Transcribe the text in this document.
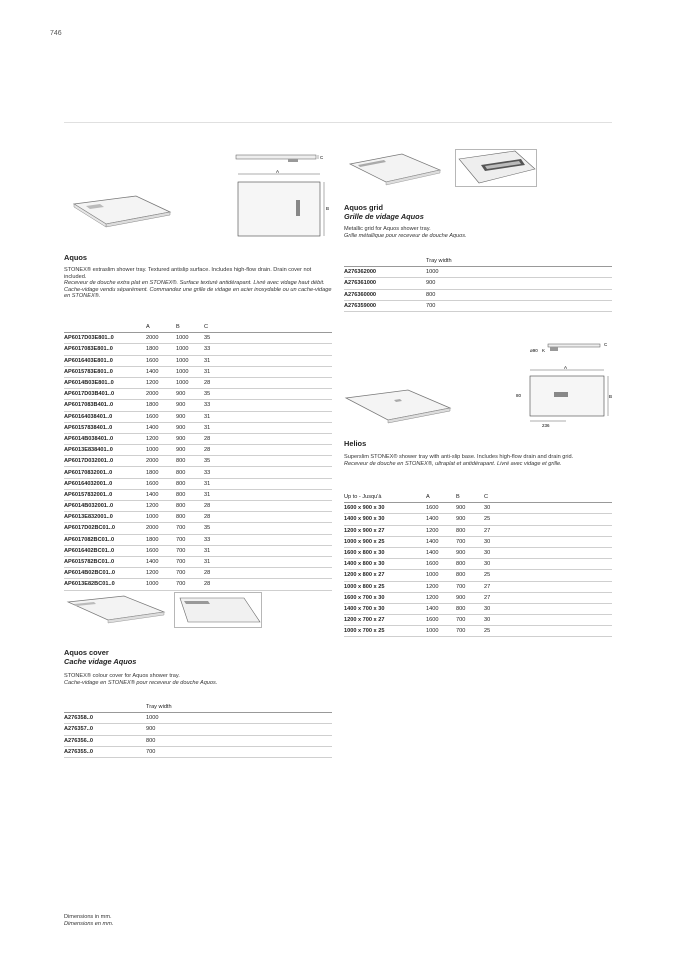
746
C
A
B
Aquos
STONEX® extraslim shower tray. Textured antislip surface. Includes high-flow drain. Drain cover not included.
Receveur de douche extra plat en STONEX®. Surface texturé antidérapant. Livré avec vidage haut débit. Cache-vidage vendu séparément. Commandez une grille de vidage en acier inoxydable ou un cache-vidage en STONEX®.
	A	B	C
AP6017D03E801..0	2000	1000	35
AP6017083E801..0	1800	1000	33
AP6016403E801..0	1600	1000	31
AP6015783E801..0	1400	1000	31
AP6014B03E801..0	1200	1000	28
AP6017D03B401..0	2000	900	35
AP6017083B401..0	1800	900	33
AP60164038401..0	1600	900	31
AP60157838401..0	1400	900	31
AP6014B038401..0	1200	900	28
AP6013E838401..0	1000	900	28
AP6017D032001..0	2000	800	35
AP60170832001..0	1800	800	33
AP60164032001..0	1600	800	31
AP60157832001..0	1400	800	31
AP6014B032001..0	1200	800	28
AP6013E832001..0	1000	800	28
AP6017D02BC01..0	2000	700	35
AP6017082BC01..0	1800	700	33
AP6016402BC01..0	1600	700	31
AP6015782BC01..0	1400	700	31
AP6014B02BC01..0	1200	700	28
AP6013E82BC01..0	1000	700	28
Aquos cover
Cache vidage Aquos
STONEX® colour cover for Aquos shower tray.
Cache-vidage en STONEX® pour receveur de douche Aquos.
	Tray width
A276358..0	1000
A276357..0	900
A276356..0	800
A276355..0	700
Aquos grid
Grille de vidage Aquos
Metallic grid for Aquos shower tray.
Grille métallique pour receveur de douche Aquos.
	Tray width
A276362000	1000
A276361000	900
A276360000	800
A276359000	700
ø90 K
C
A
B
80
236
Helios
Superslim STONEX® shower tray with anti-slip base. Includes high-flow drain and drain grid.
Receveur de douche en STONEX®, ultraplat et antidérapant. Livré avec vidage et grille.
Up to - Jusqu'à	A	B	C
1600 x 900 x 30	1600	900	30
1400 x 900 x 30	1400	900	25
1200 x 900 x 27	1200	800	27
1000 x 900 x 25	1400	700	30
1600 x 800 x 30	1400	900	30
1400 x 800 x 30	1600	800	30
1200 x 800 x 27	1000	800	25
1000 x 800 x 25	1200	700	27
1600 x 700 x 30	1200	900	27
1400 x 700 x 30	1400	800	30
1200 x 700 x 27	1600	700	30
1000 x 700 x 25	1000	700	25
Dimensions in mm.
Dimensions en mm.
